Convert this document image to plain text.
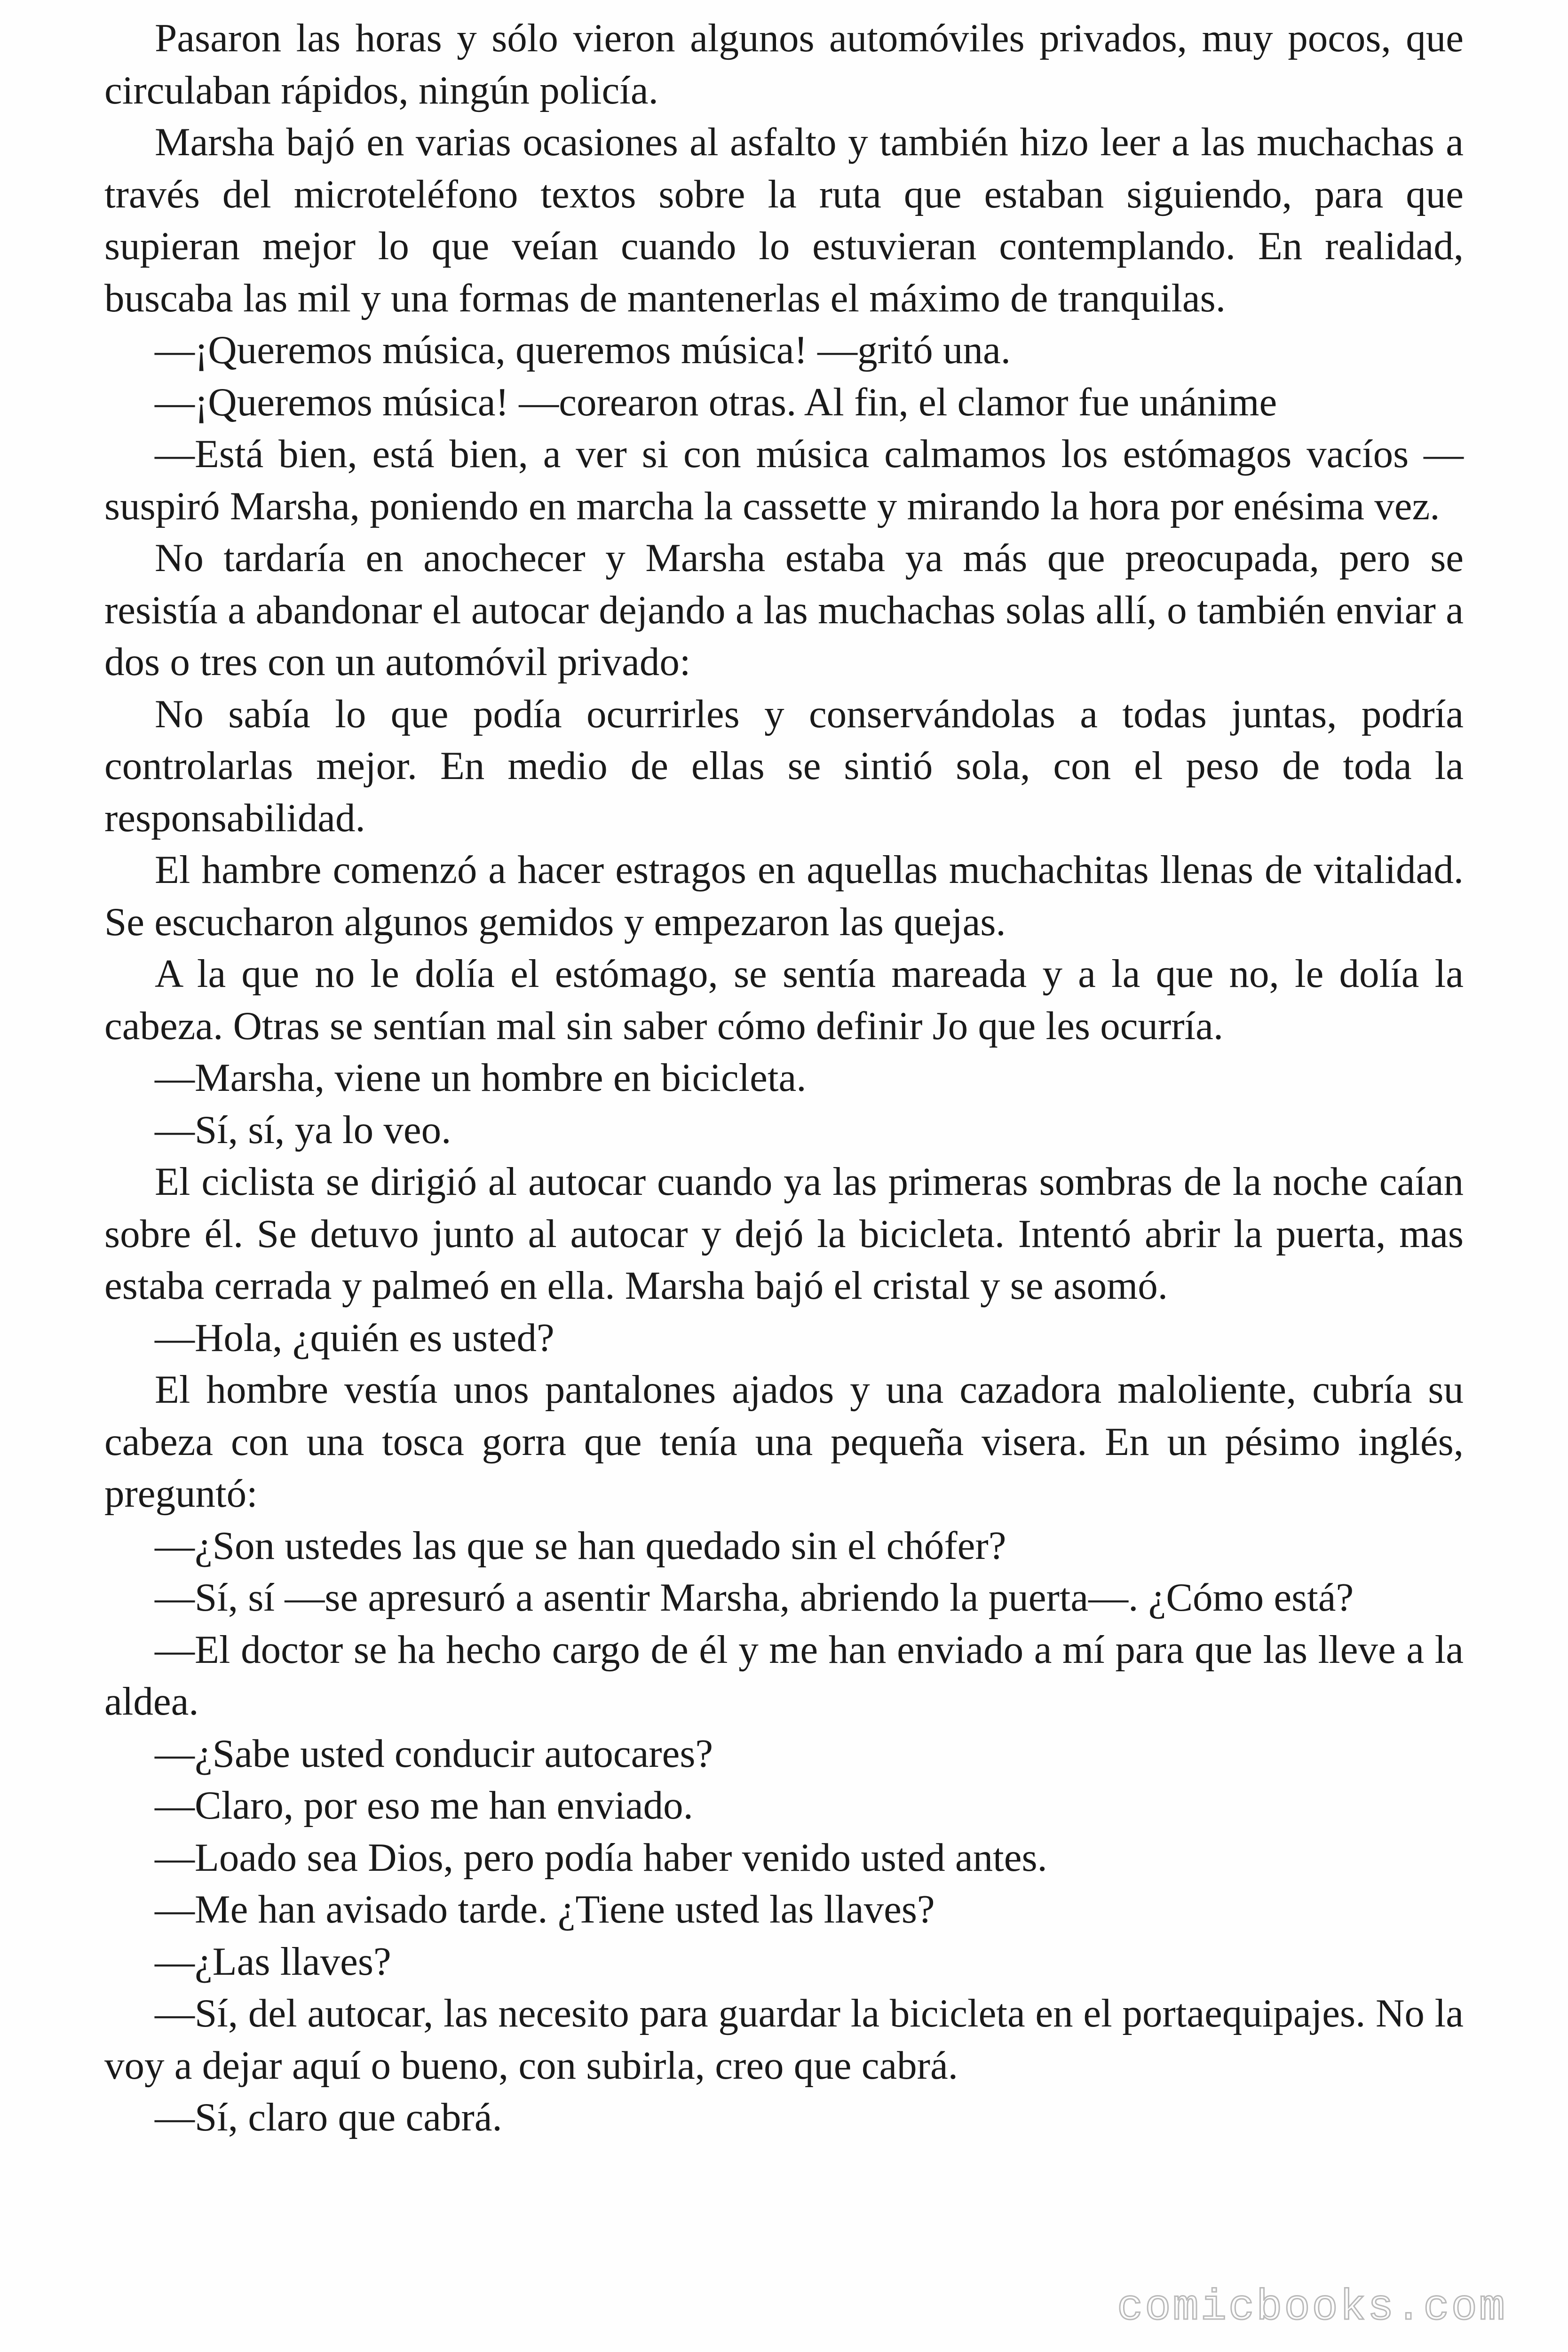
Pasaron las horas y sólo vieron algunos automóviles privados, muy pocos, que circulaban rápidos, ningún policía.

Marsha bajó en varias ocasiones al asfalto y también hizo leer a las muchachas a través del microteléfono textos sobre la ruta que estaban siguiendo, para que supieran mejor lo que veían cuando lo estuvieran contemplando. En realidad, buscaba las mil y una formas de mantenerlas el máximo de tranquilas.

—¡Queremos música, queremos música! —gritó una.

—¡Queremos música! —corearon otras. Al fin, el clamor fue unánime

—Está bien, está bien, a ver si con música calmamos los estómagos vacíos —suspiró Marsha, poniendo en marcha la cassette y mirando la hora por enésima vez.

No tardaría en anochecer y Marsha estaba ya más que preocupada, pero se resistía a abandonar el autocar dejando a las muchachas solas allí, o también enviar a dos o tres con un automóvil privado:

No sabía lo que podía ocurrirles y conservándolas a todas juntas, podría controlarlas mejor. En medio de ellas se sintió sola, con el peso de toda la responsabilidad.

El hambre comenzó a hacer estragos en aquellas muchachitas llenas de vitalidad. Se escucharon algunos gemidos y empezaron las quejas.

A la que no le dolía el estómago, se sentía mareada y a la que no, le dolía la cabeza. Otras se sentían mal sin saber cómo definir Jo que les ocurría.

—Marsha, viene un hombre en bicicleta.

—Sí, sí, ya lo veo.

El ciclista se dirigió al autocar cuando ya las primeras sombras de la noche caían sobre él. Se detuvo junto al autocar y dejó la bicicleta. Intentó abrir la puerta, mas estaba cerrada y palmeó en ella. Marsha bajó el cristal y se asomó.

—Hola, ¿quién es usted?

El hombre vestía unos pantalones ajados y una cazadora maloliente, cubría su cabeza con una tosca gorra que tenía una pequeña visera. En un pésimo inglés, preguntó:

—¿Son ustedes las que se han quedado sin el chófer?

—Sí, sí —se apresuró a asentir Marsha, abriendo la puerta—. ¿Cómo está?

—El doctor se ha hecho cargo de él y me han enviado a mí para que las lleve a la aldea.

—¿Sabe usted conducir autocares?

—Claro, por eso me han enviado.

—Loado sea Dios, pero podía haber venido usted antes.

—Me han avisado tarde. ¿Tiene usted las llaves?

—¿Las llaves?

—Sí, del autocar, las necesito para guardar la bicicleta en el portaequipajes. No la voy a dejar aquí o bueno, con subirla, creo que cabrá.

—Sí, claro que cabrá.

comicbooks.com
